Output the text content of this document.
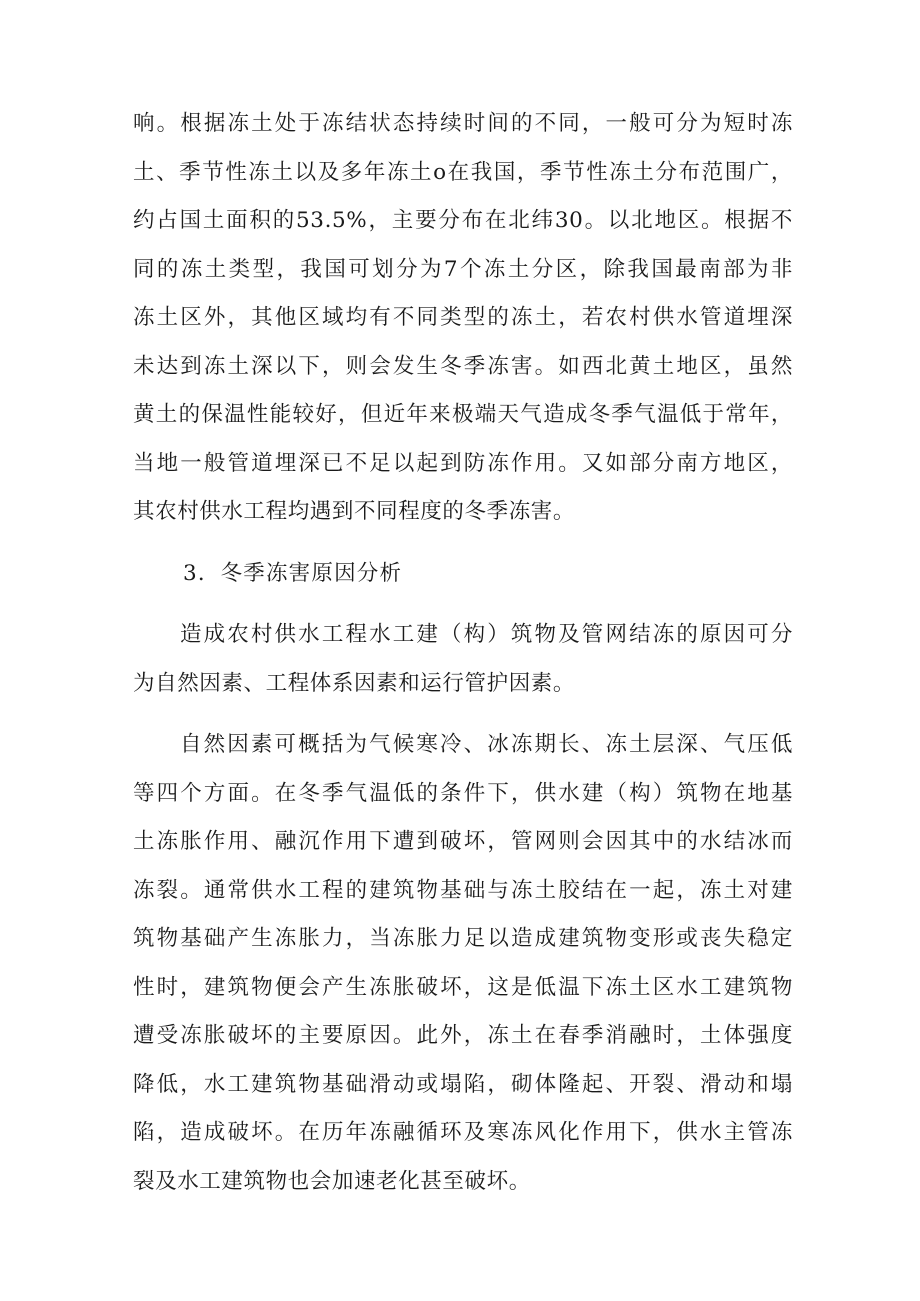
响。根据冻土处于冻结状态持续时间的不同，一般可分为短时冻
土、季节性冻土以及多年冻土o在我国，季节性冻土分布范围广，
约占国土面积的53.5%，主要分布在北纬30。以北地区。根据不
同的冻土类型，我国可划分为7个冻土分区，除我国最南部为非
冻土区外，其他区域均有不同类型的冻土，若农村供水管道埋深
未达到冻土深以下，则会发生冬季冻害。如西北黄土地区，虽然
黄土的保温性能较好，但近年来极端天气造成冬季气温低于常年，
当地一般管道埋深已不足以起到防冻作用。又如部分南方地区，
其农村供水工程均遇到不同程度的冬季冻害。
3．冬季冻害原因分析
造成农村供水工程水工建（构）筑物及管网结冻的原因可分
为自然因素、工程体系因素和运行管护因素。
自然因素可概括为气候寒冷、冰冻期长、冻土层深、气压低
等四个方面。在冬季气温低的条件下，供水建（构）筑物在地基
土冻胀作用、融沉作用下遭到破坏，管网则会因其中的水结冰而
冻裂。通常供水工程的建筑物基础与冻土胶结在一起，冻土对建
筑物基础产生冻胀力，当冻胀力足以造成建筑物变形或丧失稳定
性时，建筑物便会产生冻胀破坏，这是低温下冻土区水工建筑物
遭受冻胀破坏的主要原因。此外，冻土在春季消融时，土体强度
降低，水工建筑物基础滑动或塌陷，砌体隆起、开裂、滑动和塌
陷，造成破坏。在历年冻融循环及寒冻风化作用下，供水主管冻
裂及水工建筑物也会加速老化甚至破坏。
